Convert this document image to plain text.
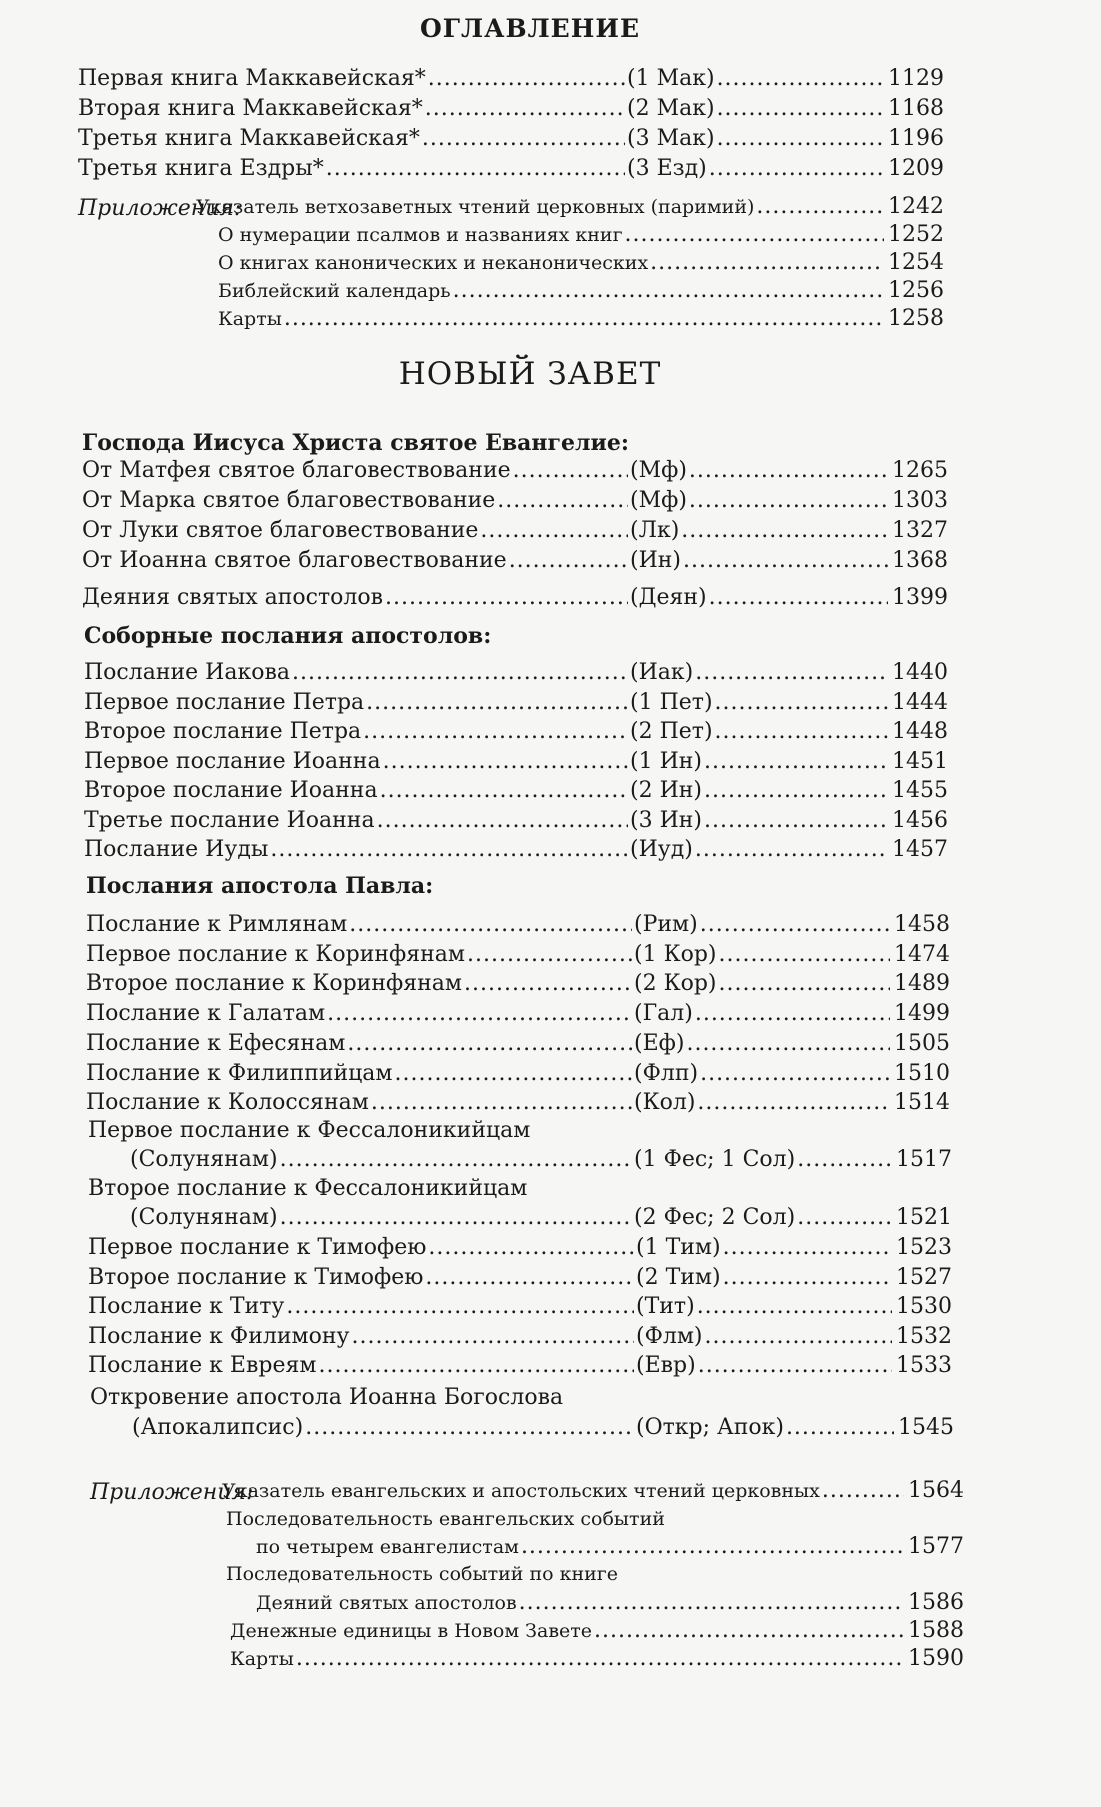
ОГЛАВЛЕНИЕ
Первая книга Маккавейская* .....	(1 Мак)	1129
.....
Вторая книга Маккавейская* .....	(2 Мак)	1168
.....
Третья книга Маккавейская* .....	(3 Мак)	1196
.....
Третья книга Ездры* .....	(3 Езд)	1209
.....
Приложения:
Указатель ветхозаветных чтений церковных (паримий) .....	1242
О нумерации псалмов и названиях книг .....	1252
О книгах канонических и неканонических .....	1254
Библейский календарь .....	1256
Карты .....	1258
НОВЫЙ ЗАВЕТ
Господа Иисуса Христа святое Евангелие:
От Матфея святое благовествование .....	(Мф)	1265
.....
От Марка святое благовествование .....	(Мф)	1303
.....
От Луки святое благовествование .....	(Лк)	1327
.....
От Иоанна святое благовествование .....	(Ин)	1368
.....
Деяния святых апостолов .....	(Деян)	1399
.....
Соборные послания апостолов:
Послание Иакова .....	(Иак)	1440
.....
Первое послание Петра .....	(1 Пет)	1444
.....
Второе послание Петра .....	(2 Пет)	1448
.....
Первое послание Иоанна .....	(1 Ин)	1451
.....
Второе послание Иоанна .....	(2 Ин)	1455
.....
Третье послание Иоанна .....	(3 Ин)	1456
.....
Послание Иуды .....	(Иуд)	1457
.....
Послания апостола Павла:
Послание к Римлянам .....	(Рим)	1458
.....
Первое послание к Коринфянам .....	(1 Кор)	1474
.....
Второе послание к Коринфянам .....	(2 Кор)	1489
.....
Послание к Галатам .....	(Гал)	1499
.....
Послание к Ефесянам .....	(Еф)	1505
.....
Послание к Филиппийцам .....	(Флп)	1510
.....
Послание к Колоссянам .....	(Кол)	1514
.....
Первое послание к Фессалоникийцам
(Солунянам) .....	(1 Фес; 1 Сол)	1517
.....
Второе послание к Фессалоникийцам
(Солунянам) .....	(2 Фес; 2 Сол)	1521
.....
Первое послание к Тимофею .....	(1 Тим)	1523
.....
Второе послание к Тимофею .....	(2 Тим)	1527
.....
Послание к Титу .....	(Тит)	1530
.....
Послание к Филимону .....	(Флм)	1532
.....
Послание к Евреям .....	(Евр)	1533
.....
Откровение апостола Иоанна Богослова
(Апокалипсис) .....	(Откр; Апок)	1545
.....
Приложения:
Указатель евангельских и апостольских чтений церковных .....	1564
Последовательность евангельских событий
по четырем евангелистам .....	1577
Последовательность событий по книге
Деяний святых апостолов .....	1586
Денежные единицы в Новом Завете .....	1588
Карты .....	1590
